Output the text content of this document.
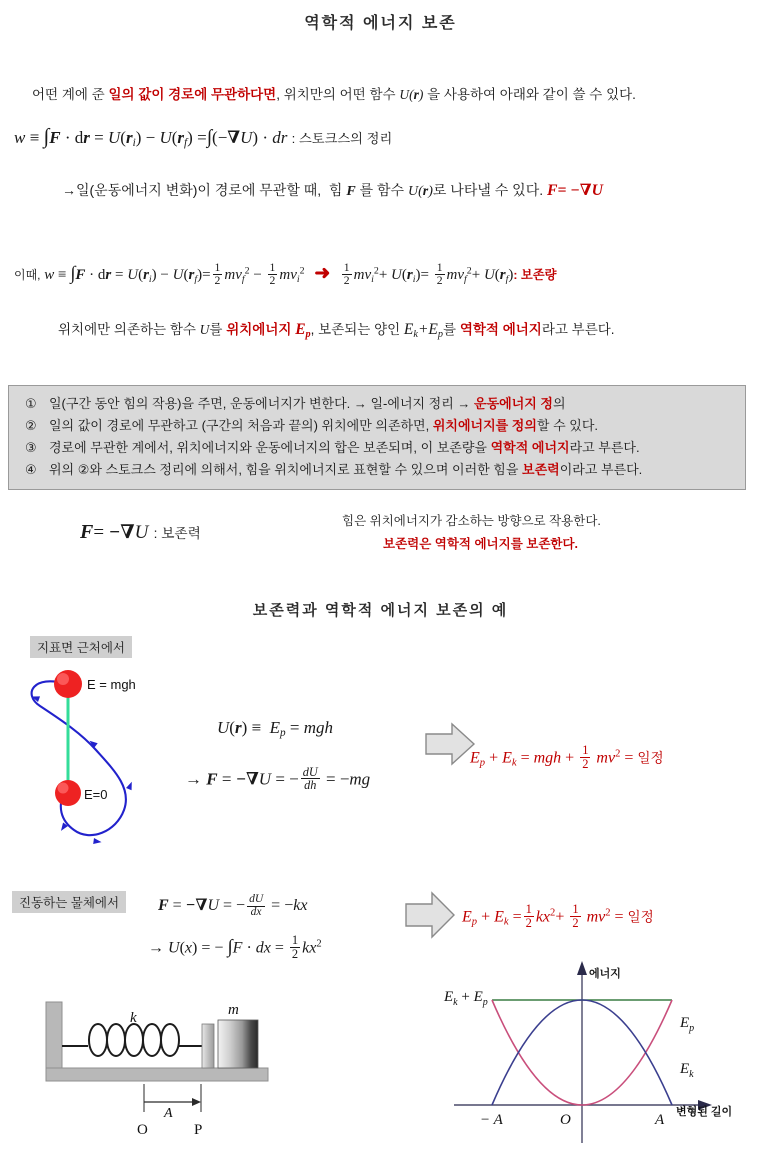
역학적 에너지 보존
어떤 계에 준 일의 값이 경로에 무관하다면, 위치만의 어떤 함수 U(r) 을 사용하여 아래와 같이 쓸 수 있다.
w ≡ ∫F · dr = $U(r_i) - U(r_f) =\int(-\nabla U)$ · dr : 스토크스의 정리
→일(운동에너지 변화)이 경로에 무관할 때,  힘 F 를 함수 U(r)로 나타낼 수 있다. F= −∇U
이때, w ≡ ∫F · dr = $U(r_i) - U(r_f)= \frac{1}{2} mv_f^2 - \frac{1}{2} mv_i^2$ ➜ $\frac{1}{2} mv_i^2+ U(r_i)= \frac{1}{2} mv_f^2+ U(r_f)$: 보존량
위치에만 의존하는 함수 U를 위치에너지 $E_p$, 보존되는 양인 $E_k+E_p$를 역학적 에너지라고 부른다.
① 일(구간 동안 힘의 작용)을 주면, 운동에너지가 변한다. → 일-에너지 정리 → 운동에너지 정의
② 일의 값이 경로에 무관하고 (구간의 처음과 끝의) 위치에만 의존하면, 위치에너지를 정의할 수 있다.
③ 경로에 무관한 계에서, 위치에너지와 운동에너지의 합은 보존되며, 이 보존량을 역학적 에너지라고 부른다.
④ 위의 ②와 스토크스 정리에 의해서, 힘을 위치에너지로 표현할 수 있으며 이러한 힘을 보존력이라고 부른다.
F= −∇U : 보존력
힘은 위치에너지가 감소하는 방향으로 작용한다.
보존력은 역학적 에너지를 보존한다.
보존력과 역학적 에너지 보존의 예
지표면 근처에서
E = mgh
E=0
$U(r) \equiv E_p$ = mgh
→ F = −∇U = − $\frac{dU}{dh} = -mg$
$E_p + E_k$ = mgh + $\frac{1}{2} mv^2$ = 일정
진동하는 물체에서	F = −∇U = − $\frac{dU}{dx} = -kx$
→ U(x) = − ∫F · dx = $\frac{1}{2} kx^2$
$E_p + E_k = \frac{1}{2} kx^2+ \frac{1}{2} mv^2$ = 일정
k	m
A
O	P
에너지
변형된 길이
$E_k + E_p$
$E_p$
$E_k$
− A	O	A
